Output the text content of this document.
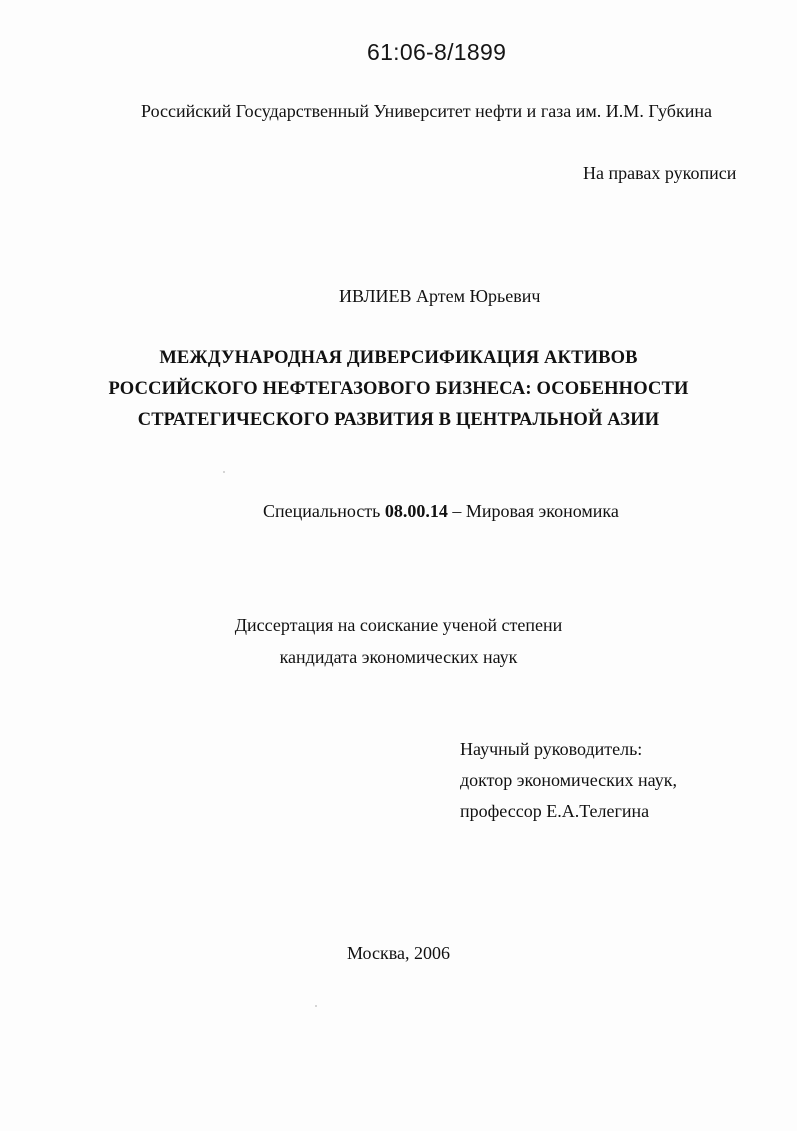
61:06-8/1899
Российский Государственный Университет нефти и газа им. И.М. Губкина
На правах рукописи
ИВЛИЕВ Артем Юрьевич
МЕЖДУНАРОДНАЯ ДИВЕРСИФИКАЦИЯ АКТИВОВ
РОССИЙСКОГО НЕФТЕГАЗОВОГО БИЗНЕСА: ОСОБЕННОСТИ
СТРАТЕГИЧЕСКОГО РАЗВИТИЯ В ЦЕНТРАЛЬНОЙ АЗИИ
Специальность 08.00.14 – Мировая экономика
Диссертация на соискание ученой степени
кандидата экономических наук
Научный руководитель:
доктор экономических наук,
профессор Е.А.Телегина
Москва, 2006
